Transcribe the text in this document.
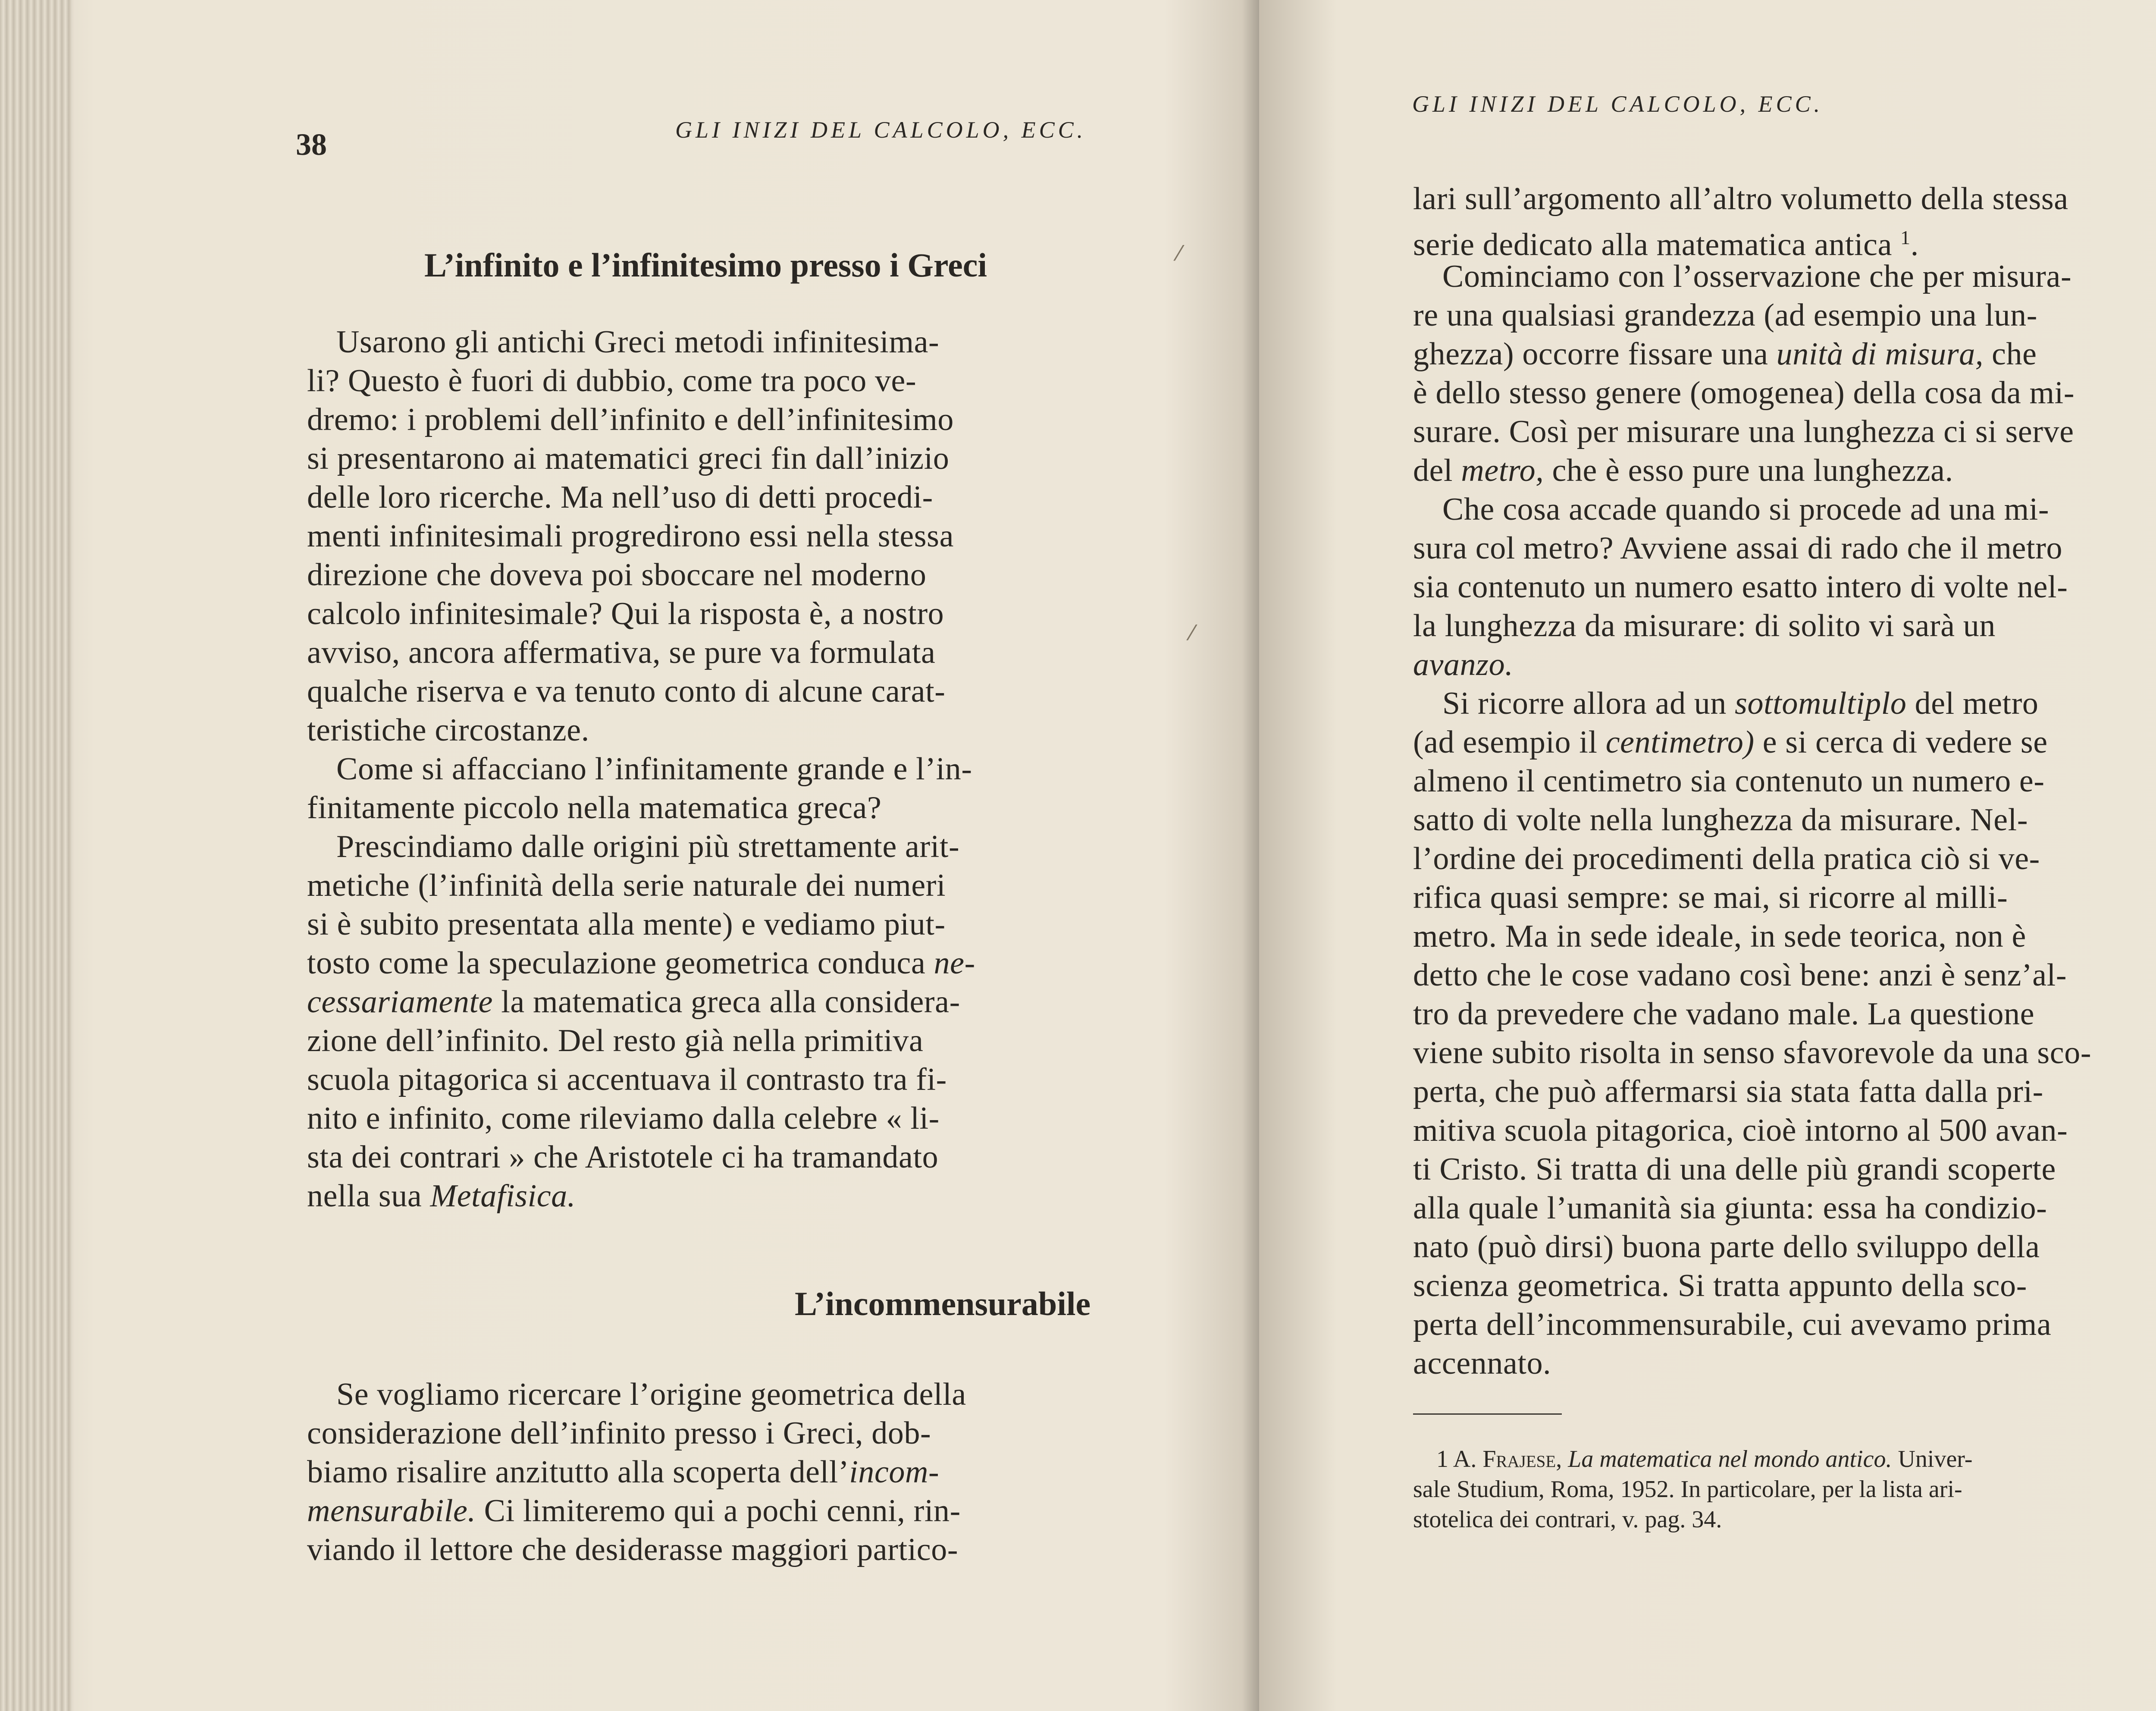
38	GLI INIZI DEL CALCOLO, ECC.
L’infinito e l’infinitesimo presso i Greci
Usarono gli antichi Greci metodi infinitesima-
li? Questo è fuori di dubbio, come tra poco ve-
dremo: i problemi dell’infinito e dell’infinitesimo
si presentarono ai matematici greci fin dall’inizio
delle loro ricerche. Ma nell’uso di detti procedi-
menti infinitesimali progredirono essi nella stessa
direzione che doveva poi sboccare nel moderno
calcolo infinitesimale? Qui la risposta è, a nostro
avviso, ancora affermativa, se pure va formulata
qualche riserva e va tenuto conto di alcune carat-
teristiche circostanze.
Come si affacciano l’infinitamente grande e l’in-
finitamente piccolo nella matematica greca?
Prescindiamo dalle origini più strettamente arit-
metiche (l’infinità della serie naturale dei numeri
si è subito presentata alla mente) e vediamo piut-
tosto come la speculazione geometrica conduca ne-
cessariamente la matematica greca alla considera-
zione dell’infinito. Del resto già nella primitiva
scuola pitagorica si accentuava il contrasto tra fi-
nito e infinito, come rileviamo dalla celebre « li-
sta dei contrari » che Aristotele ci ha tramandato
nella sua Metafisica.
L’incommensurabile
Se vogliamo ricercare l’origine geometrica della
considerazione dell’infinito presso i Greci, dob-
biamo risalire anzitutto alla scoperta dell’incom-
mensurabile. Ci limiteremo qui a pochi cenni, rin-
viando il lettore che desiderasse maggiori partico-
⁄
⁄
GLI INIZI DEL CALCOLO, ECC.
lari sull’argomento all’altro volumetto della stessa
serie dedicato alla matematica antica $^1$.
Cominciamo con l’osservazione che per misura-
re una qualsiasi grandezza (ad esempio una lun-
ghezza) occorre fissare una unità di misura, che
è dello stesso genere (omogenea) della cosa da mi-
surare. Così per misurare una lunghezza ci si serve
del metro, che è esso pure una lunghezza.
Che cosa accade quando si procede ad una mi-
sura col metro? Avviene assai di rado che il metro
sia contenuto un numero esatto intero di volte nel-
la lunghezza da misurare: di solito vi sarà un
avanzo.
Si ricorre allora ad un sottomultiplo del metro
(ad esempio il centimetro) e si cerca di vedere se
almeno il centimetro sia contenuto un numero e-
satto di volte nella lunghezza da misurare. Nel-
l’ordine dei procedimenti della pratica ciò si ve-
rifica quasi sempre: se mai, si ricorre al milli-
metro. Ma in sede ideale, in sede teorica, non è
detto che le cose vadano così bene: anzi è senz’al-
tro da prevedere che vadano male. La questione
viene subito risolta in senso sfavorevole da una sco-
perta, che può affermarsi sia stata fatta dalla pri-
mitiva scuola pitagorica, cioè intorno al 500 avan-
ti Cristo. Si tratta di una delle più grandi scoperte
alla quale l’umanità sia giunta: essa ha condizio-
nato (può dirsi) buona parte dello sviluppo della
scienza geometrica. Si tratta appunto della sco-
perta dell’incommensurabile, cui avevamo prima
accennato.
1 A. Frajese, La matematica nel mondo antico. Univer-
sale Studium, Roma, 1952. In particolare, per la lista ari-
stotelica dei contrari, v. pag. 34.
